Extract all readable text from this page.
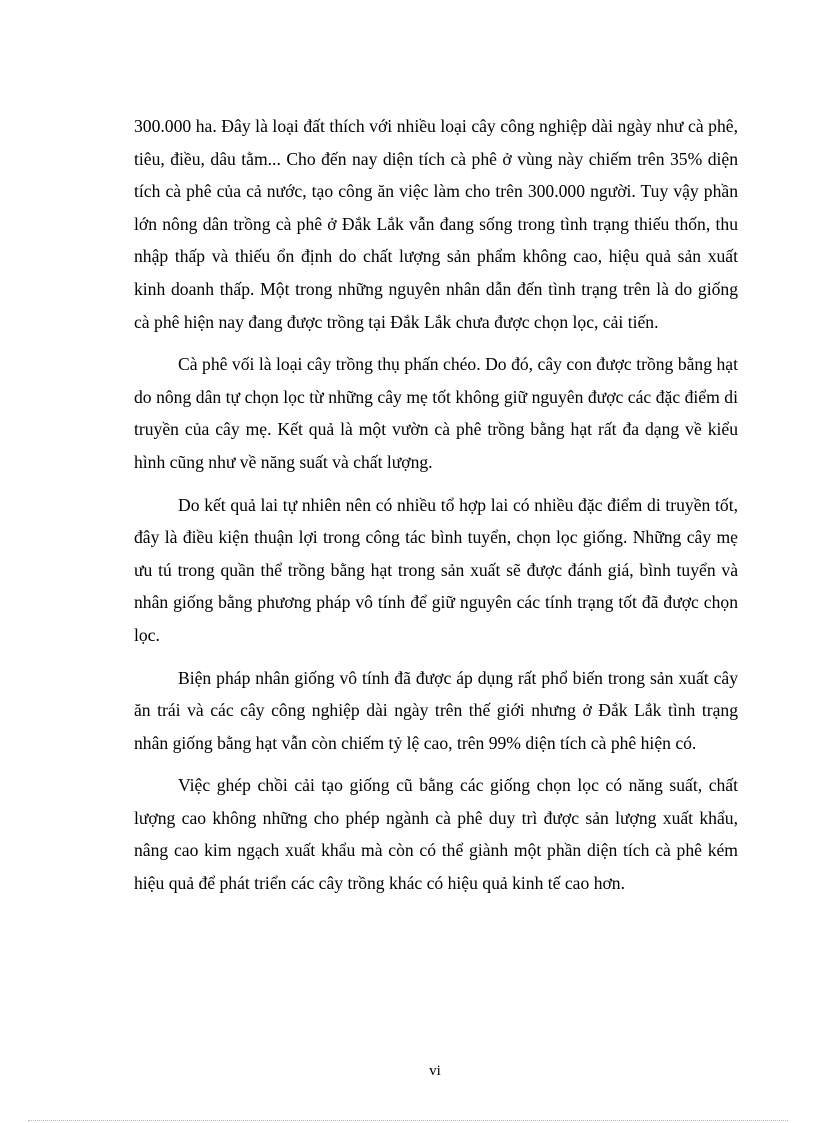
300.000 ha. Đây là loại đất thích với nhiều loại cây công nghiệp dài ngày như cà phê, tiêu, điều, dâu tằm... Cho đến nay diện tích cà phê ở vùng này chiếm trên 35% diện tích cà phê của cả nước, tạo công ăn việc làm cho trên 300.000 người. Tuy vậy phần lớn nông dân trồng cà phê ở Đắk Lắk vẫn đang sống trong tình trạng thiếu thốn, thu nhập thấp và thiếu ổn định do chất lượng sản phẩm không cao, hiệu quả sản xuất kinh doanh thấp. Một trong những nguyên nhân dẫn đến tình trạng trên là do giống cà phê hiện nay đang được trồng tại Đắk Lắk chưa được chọn lọc, cải tiến.

Cà phê vối là loại cây trồng thụ phấn chéo. Do đó, cây con được trồng bằng hạt do nông dân tự chọn lọc từ những cây mẹ tốt không giữ nguyên được các đặc điểm di truyền của cây mẹ. Kết quả là một vườn cà phê trồng bằng hạt rất đa dạng về kiểu hình cũng như về năng suất và chất lượng.

Do kết quả lai tự nhiên nên có nhiều tổ hợp lai có nhiều đặc điểm di truyền tốt, đây là điều kiện thuận lợi trong công tác bình tuyển, chọn lọc giống. Những cây mẹ ưu tú trong quần thể trồng bằng hạt trong sản xuất sẽ được đánh giá, bình tuyển và nhân giống bằng phương pháp vô tính để giữ nguyên các tính trạng tốt đã được chọn lọc.

Biện pháp nhân giống vô tính đã được áp dụng rất phổ biến trong sản xuất cây ăn trái và các cây công nghiệp dài ngày trên thế giới nhưng ở Đắk Lắk tình trạng nhân giống bằng hạt vẫn còn chiếm tỷ lệ cao, trên 99% diện tích cà phê hiện có.

Việc ghép chồi cải tạo giống cũ bằng các giống chọn lọc có năng suất, chất lượng cao không những cho phép ngành cà phê duy trì được sản lượng xuất khẩu, nâng cao kim ngạch xuất khẩu mà còn có thể giành một phần diện tích cà phê kém hiệu quả để phát triển các cây trồng khác có hiệu quả kinh tế cao hơn.

vi
